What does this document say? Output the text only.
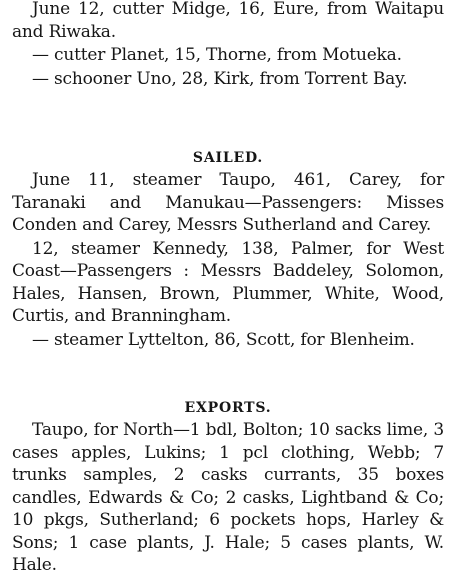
June 12, cutter Midge, 16, Eure, from Waitapu and Riwaka.

— cutter Planet, 15, Thorne, from Motueka.

— schooner Uno, 28, Kirk, from Torrent Bay.

SAILED.

June 11, steamer Taupo, 461, Carey, for Taranaki and Manukau—Passengers: Misses Conden and Carey, Messrs Sutherland and Carey.

12, steamer Kennedy, 138, Palmer, for West Coast—Passengers : Messrs Baddeley, Solomon, Hales, Hansen, Brown, Plummer, White, Wood, Curtis, and Branningham.

— steamer Lyttelton, 86, Scott, for Blenheim.

EXPORTS.

Taupo, for North—1 bdl, Bolton; 10 sacks lime, 3 cases apples, Lukins; 1 pcl clothing, Webb; 7 trunks samples, 2 casks currants, 35 boxes candles, Edwards & Co; 2 casks, Lightband & Co; 10 pkgs, Sutherland; 6 pockets hops, Harley & Sons; 1 case plants, J. Hale; 5 cases plants, W. Hale.
